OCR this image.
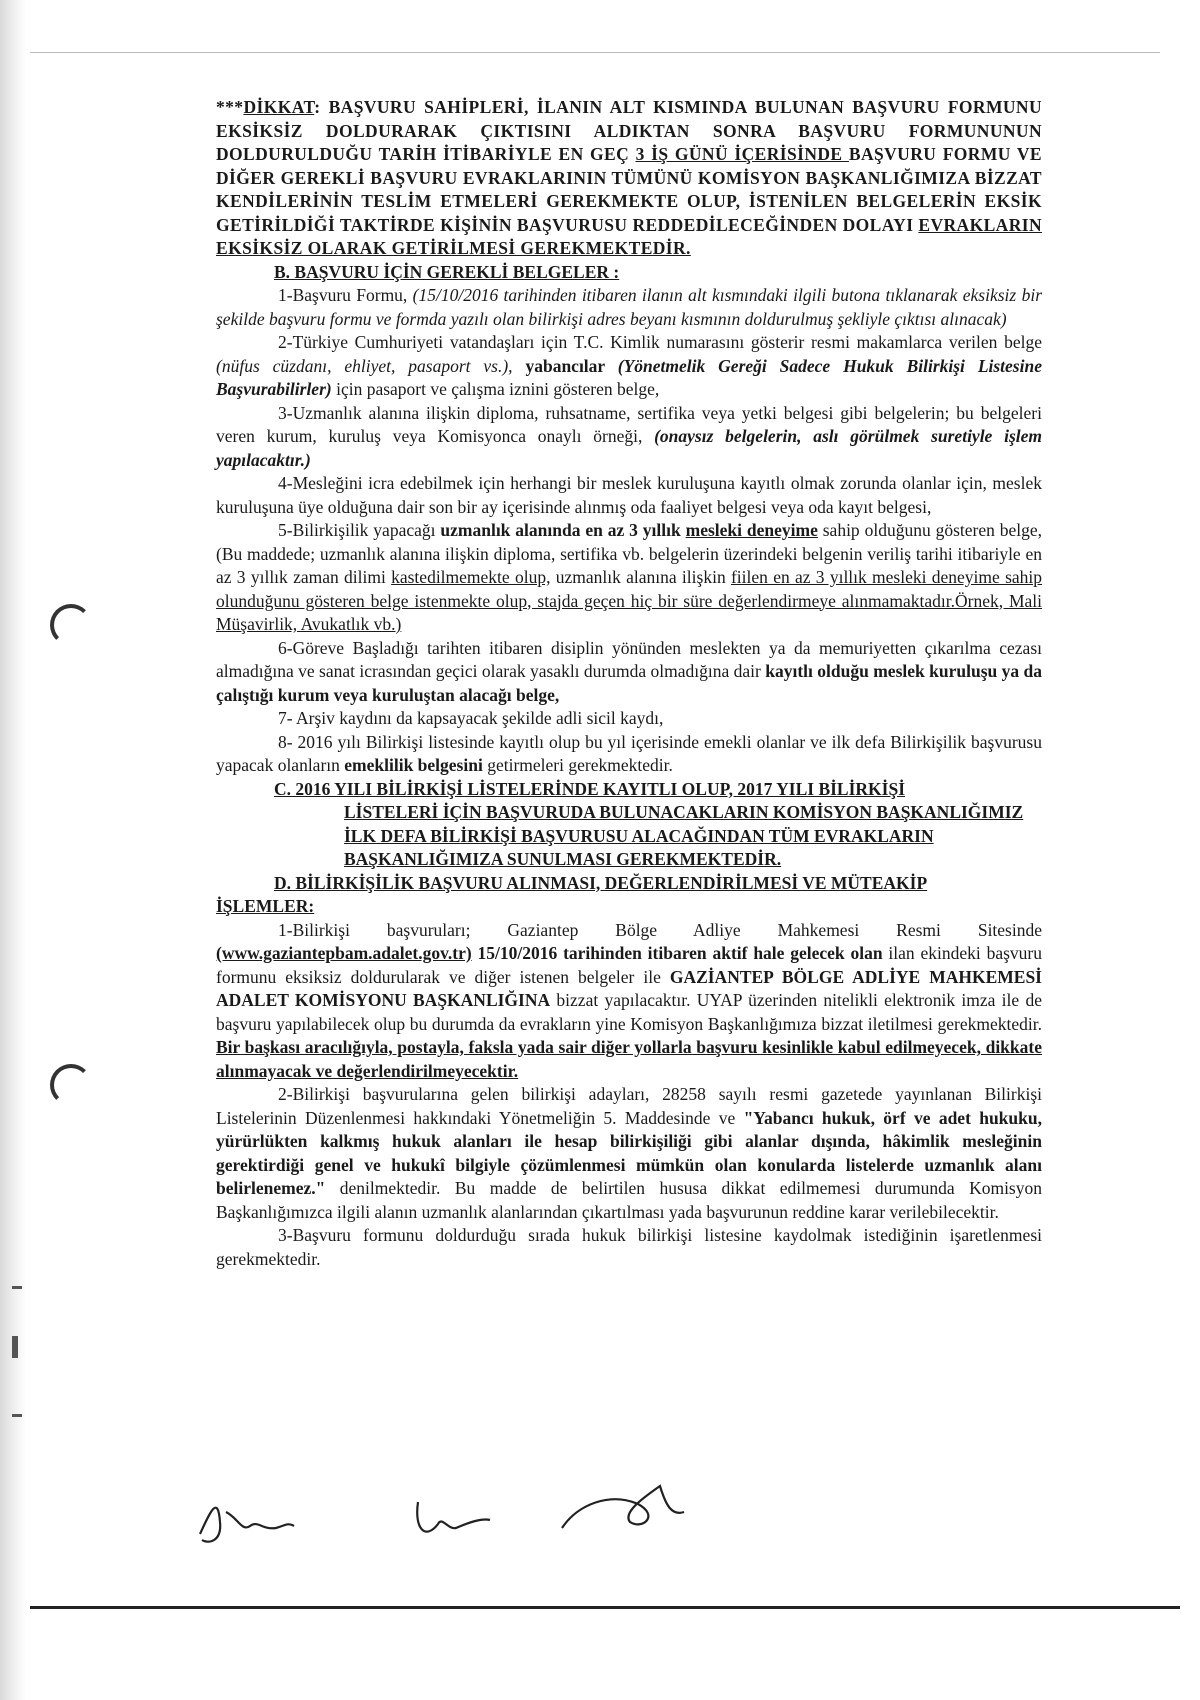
***DİKKAT: BAŞVURU SAHİPLERİ, İLANIN ALT KISMINDA BULUNAN BAŞVURU FORMUNU EKSİKSİZ DOLDURARAK ÇIKTISINI ALDIKTAN SONRA BAŞVURU FORMUNUNUN DOLDURULDUĞU TARİH İTİBARİYLE EN GEÇ 3 İŞ GÜNÜ İÇERİSİNDE BAŞVURU FORMU VE DİĞER GEREKLİ BAŞVURU EVRAKLARININ TÜMÜNÜ KOMİSYON BAŞKANLIĞIMIZA BİZZAT KENDİLERİNİN TESLİM ETMELERİ GEREKMEKTE OLUP, İSTENİLEN BELGELERİN EKSİK GETİRİLDİĞİ TAKTİRDE KİŞİNİN BAŞVURUSU REDDEDİLECEĞİNDEN DOLAYI EVRAKLARIN EKSİKSİZ OLARAK GETİRİLMESİ GEREKMEKTEDİR.

B. BAŞVURU İÇİN GEREKLİ BELGELER :

1-Başvuru Formu, (15/10/2016 tarihinden itibaren ilanın alt kısmındaki ilgili butona tıklanarak eksiksiz bir şekilde başvuru formu ve formda yazılı olan bilirkişi adres beyanı kısmının doldurulmuş şekliyle çıktısı alınacak)

2-Türkiye Cumhuriyeti vatandaşları için T.C. Kimlik numarasını gösterir resmi makamlarca verilen belge (nüfus cüzdanı, ehliyet, pasaport vs.), yabancılar (Yönetmelik Gereği Sadece Hukuk Bilirkişi Listesine Başvurabilirler) için pasaport ve çalışma iznini gösteren belge,

3-Uzmanlık alanına ilişkin diploma, ruhsatname, sertifika veya yetki belgesi gibi belgelerin; bu belgeleri veren kurum, kuruluş veya Komisyonca onaylı örneği, (onaysız belgelerin, aslı görülmek suretiyle işlem yapılacaktır.)

4-Mesleğini icra edebilmek için herhangi bir meslek kuruluşuna kayıtlı olmak zorunda olanlar için, meslek kuruluşuna üye olduğuna dair son bir ay içerisinde alınmış oda faaliyet belgesi veya oda kayıt belgesi,

5-Bilirkişilik yapacağı uzmanlık alanında en az 3 yıllık mesleki deneyime sahip olduğunu gösteren belge, (Bu maddede; uzmanlık alanına ilişkin diploma, sertifika vb. belgelerin üzerindeki belgenin veriliş tarihi itibariyle en az 3 yıllık zaman dilimi kastedilmemekte olup, uzmanlık alanına ilişkin fiilen en az 3 yıllık mesleki deneyime sahip olunduğunu gösteren belge istenmekte olup, stajda geçen hiç bir süre değerlendirmeye alınmamaktadır.Örnek, Mali Müşavirlik, Avukatlık vb.)

6-Göreve Başladığı tarihten itibaren disiplin yönünden meslekten ya da memuriyetten çıkarılma cezası almadığına ve sanat icrasından geçici olarak yasaklı durumda olmadığına dair kayıtlı olduğu meslek kuruluşu ya da çalıştığı kurum veya kuruluştan alacağı belge,

7- Arşiv kaydını da kapsayacak şekilde adli sicil kaydı,

8- 2016 yılı Bilirkişi listesinde kayıtlı olup bu yıl içerisinde emekli olanlar ve ilk defa Bilirkişilik başvurusu yapacak olanların emeklilik belgesini getirmeleri gerekmektedir.

C. 2016 YILI BİLİRKİŞİ LİSTELERİNDE KAYITLI OLUP, 2017 YILI BİLİRKİŞİ

LİSTELERİ İÇİN BAŞVURUDA BULUNACAKLARIN KOMİSYON BAŞKANLIĞIMIZ İLK DEFA BİLİRKİŞİ BAŞVURUSU ALACAĞINDAN TÜM EVRAKLARIN BAŞKANLIĞIMIZA SUNULMASI GEREKMEKTEDİR.

D. BİLİRKİŞİLİK BAŞVURU ALINMASI, DEĞERLENDİRİLMESİ VE MÜTEAKİP

İŞLEMLER:

1-Bilirkişi başvuruları; Gaziantep Bölge Adliye Mahkemesi Resmi Sitesinde (www.gaziantepbam.adalet.gov.tr) 15/10/2016 tarihinden itibaren aktif hale gelecek olan ilan ekindeki başvuru formunu eksiksiz doldurularak ve diğer istenen belgeler ile GAZİANTEP BÖLGE ADLİYE MAHKEMESİ ADALET KOMİSYONU BAŞKANLIĞINA bizzat yapılacaktır. UYAP üzerinden nitelikli elektronik imza ile de başvuru yapılabilecek olup bu durumda da evrakların yine Komisyon Başkanlığımıza bizzat iletilmesi gerekmektedir. Bir başkası aracılığıyla, postayla, faksla yada sair diğer yollarla başvuru kesinlikle kabul edilmeyecek, dikkate alınmayacak ve değerlendirilmeyecektir.

2-Bilirkişi başvurularına gelen bilirkişi adayları, 28258 sayılı resmi gazetede yayınlanan Bilirkişi Listelerinin Düzenlenmesi hakkındaki Yönetmeliğin 5. Maddesinde ve "Yabancı hukuk, örf ve adet hukuku, yürürlükten kalkmış hukuk alanları ile hesap bilirkişiliği gibi alanlar dışında, hâkimlik mesleğinin gerektirdiği genel ve hukukî bilgiyle çözümlenmesi mümkün olan konularda listelerde uzmanlık alanı belirlenemez." denilmektedir. Bu madde de belirtilen hususa dikkat edilmemesi durumunda Komisyon Başkanlığımızca ilgili alanın uzmanlık alanlarından çıkartılması yada başvurunun reddine karar verilebilecektir.

3-Başvuru formunu doldurduğu sırada hukuk bilirkişi listesine kaydolmak istediğinin işaretlenmesi gerekmektedir.
